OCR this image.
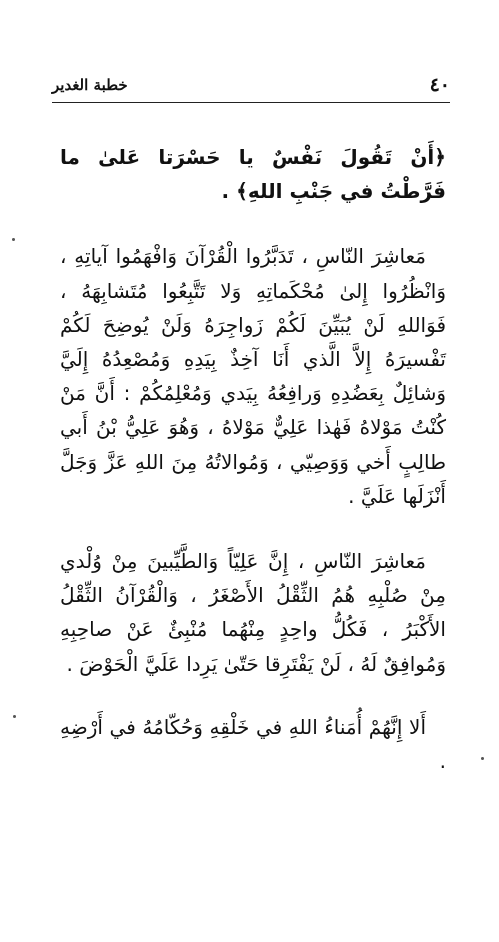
٤٠
خطبة الغدير

﴿أَنْ تَقُولَ نَفْسٌ يا حَسْرَتا عَلىٰ ما فَرَّطْتُ في جَنْبِ اللهِ﴾ .

مَعاشِرَ النّاسِ ، تَدَبَّرُوا الْقُرْآنَ وَافْهَمُوا آياتِهِ ، وَانْظُرُوا إِلىٰ مُحْكَماتِهِ وَلا تَتَّبِعُوا مُتَشابِهَهُ ، فَوَاللهِ لَنْ يُبَيِّنَ لَكُمْ زَواجِرَهُ وَلَنْ يُوضِحَ لَكُمْ تَفْسيرَهُ إِلاَّ الَّذي أَنَا آخِذٌ بِيَدِهِ وَمُصْعِدُهُ إِلَيَّ وَشائِلٌ بِعَضُدِهِ وَرافِعُهُ بِيَدي وَمُعْلِمُكُمْ : أَنَّ مَنْ كُنْتُ مَوْلاهُ فَهٰذا عَلِيٌّ مَوْلاهُ ، وَهُوَ عَلِيُّ بْنُ أَبي طالِبٍ أَخي وَوَصِيّي ، وَمُوالاتُهُ مِنَ اللهِ عَزَّ وَجَلَّ أَنْزَلَها عَلَيَّ .

مَعاشِرَ النّاسِ ، إِنَّ عَلِيّاً وَالطَّيِّبينَ مِنْ وُلْدي مِنْ صُلْبِهِ هُمُ الثِّقْلُ الأَصْغَرُ ، وَالْقُرْآنُ الثِّقْلُ الأَكْبَرُ ، فَكُلُّ واحِدٍ مِنْهُما مُنْبِئٌ عَنْ صاحِبِهِ وَمُوافِقٌ لَهُ ، لَنْ يَفْتَرِقا حَتّىٰ يَرِدا عَلَيَّ الْحَوْضَ .

أَلا إِنَّهُمْ أُمَناءُ اللهِ في خَلْقِهِ وَحُكّامُهُ في أَرْضِهِ .
